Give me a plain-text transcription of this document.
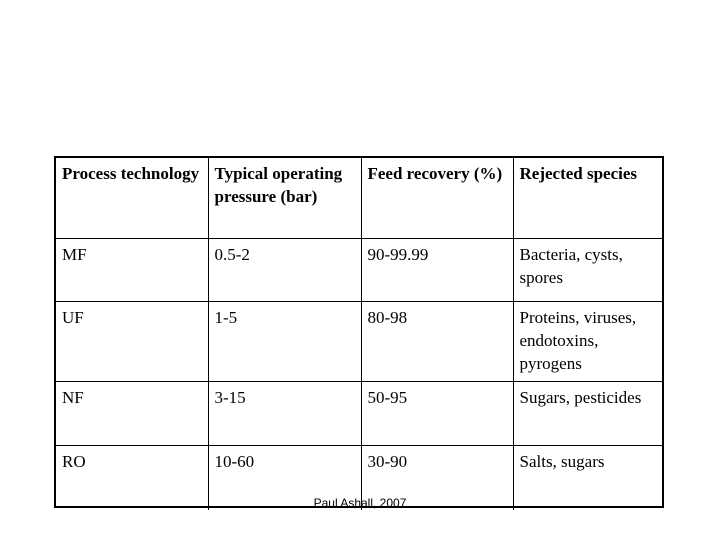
Process technology	Typical operating pressure (bar)	Feed recovery (%)	Rejected species
MF	0.5-2	90-99.99	Bacteria, cysts, spores
UF	1-5	80-98	Proteins, viruses, endotoxins, pyrogens
NF	3-15	50-95	Sugars, pesticides
RO	10-60	30-90	Salts, sugars
Paul Ashall, 2007
